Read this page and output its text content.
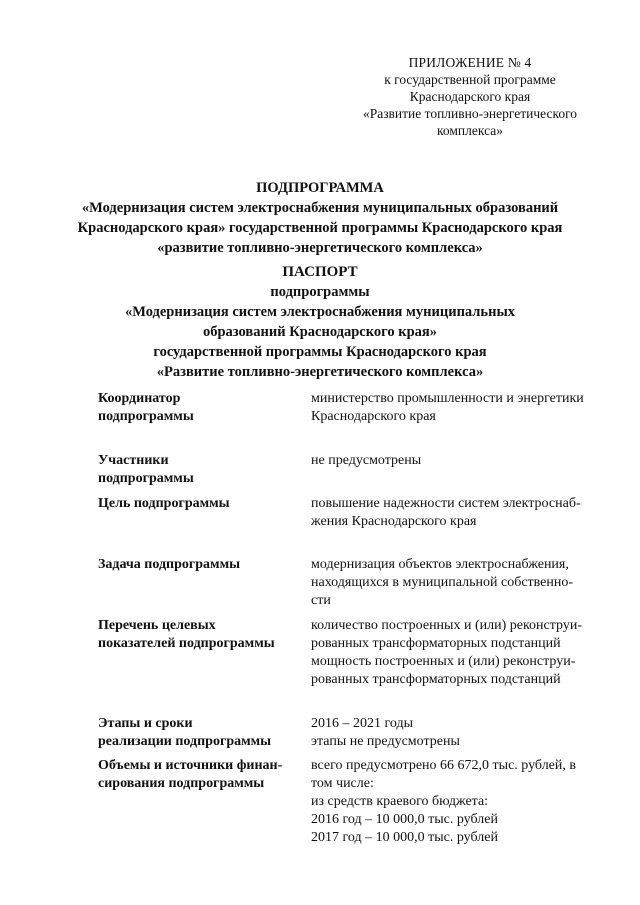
ПРИЛОЖЕНИЕ № 4
к государственной программе
Краснодарского края
«Развитие топливно-энергетического
комплекса»
ПОДПРОГРАММА
«Модернизация систем электроснабжения муниципальных образований
Краснодарского края» государственной программы Краснодарского края
«развитие топливно-энергетического комплекса»
ПАСПОРТ
подпрограммы
«Модернизация систем электроснабжения муниципальных
образований Краснодарского края»
государственной программы Краснодарского края
«Развитие топливно-энергетического комплекса»
Координатор
подпрограммы
министерство промышленности и энергетики
Краснодарского края
Участники
подпрограммы
не предусмотрены
Цель подпрограммы	повышение надежности систем электроснаб-
жения Краснодарского края
Задача подпрограммы	модернизация объектов электроснабжения,
находящихся в муниципальной собственно-
сти
Перечень целевых
показателей подпрограммы
количество построенных и (или) реконструи-
рованных трансформаторных подстанций
мощность построенных и (или) реконструи-
рованных трансформаторных подстанций
Этапы и сроки
реализации подпрограммы
2016 – 2021 годы
этапы не предусмотрены
Объемы и источники финан-
сирования подпрограммы
всего предусмотрено 66 672,0 тыс. рублей, в
том числе:
из средств краевого бюджета:
2016 год – 10 000,0 тыс. рублей
2017 год – 10 000,0 тыс. рублей
